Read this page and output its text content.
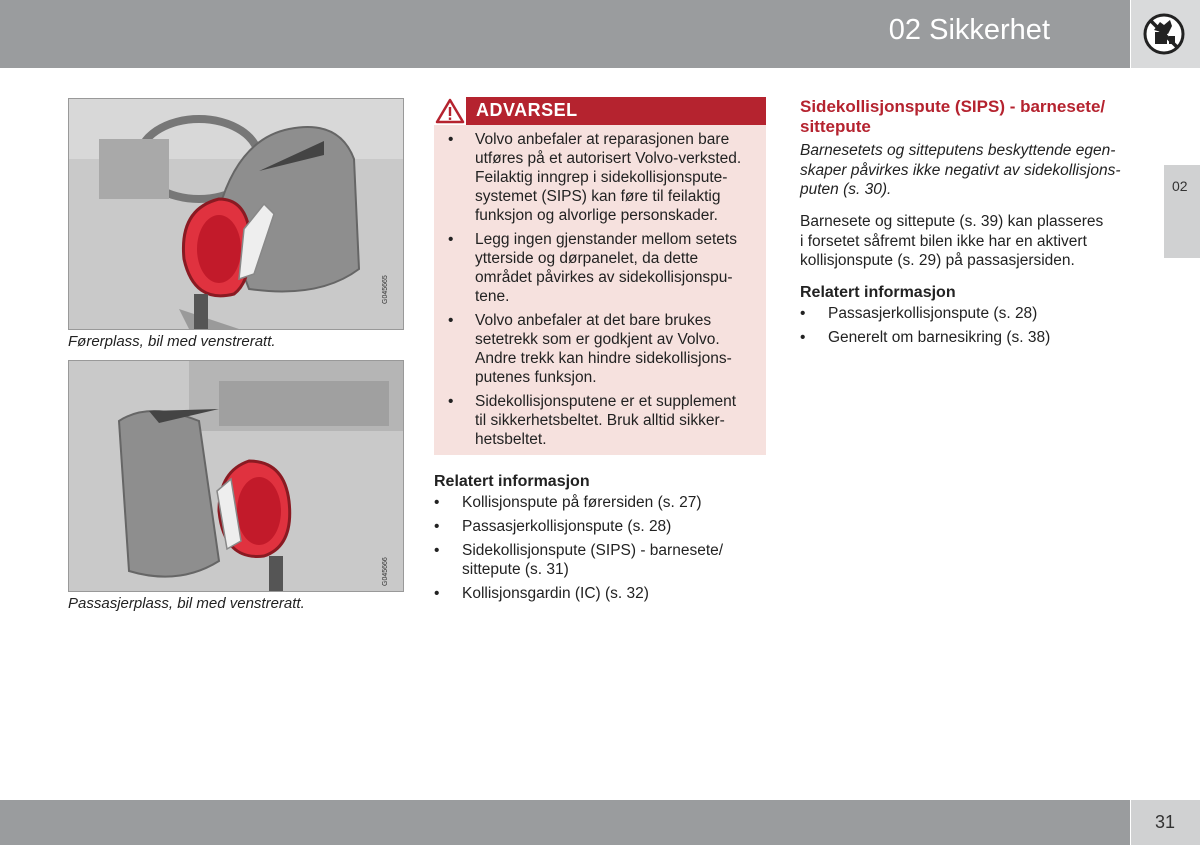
02 Sikkerhet
02
G045665
Førerplass, bil med venstreratt.
G045666
Passasjerplass, bil med venstreratt.
ADVARSEL
• Volvo anbefaler at reparasjonen bare
utføres på et autorisert Volvo-verksted.
Feilaktig inngrep i sidekollisjonspute-
systemet (SIPS) kan føre til feilaktig
funksjon og alvorlige personskader.
• Legg ingen gjenstander mellom setets
ytterside og dørpanelet, da dette
området påvirkes av sidekollisjonspu-
tene.
• Volvo anbefaler at det bare brukes
setetrekk som er godkjent av Volvo.
Andre trekk kan hindre sidekollisjons-
putenes funksjon.
• Sidekollisjonsputene er et supplement
til sikkerhetsbeltet. Bruk alltid sikker-
hetsbeltet.
Relatert informasjon
• Kollisjonspute på førersiden (s. 27)
• Passasjerkollisjonspute (s. 28)
• Sidekollisjonspute (SIPS) - barnesete/
sittepute (s. 31)
• Kollisjonsgardin (IC) (s. 32)
Sidekollisjonspute (SIPS) - barnesete/
sittepute
Barnesetets og sitteputens beskyttende egen-
skaper påvirkes ikke negativt av sidekollisjons-
puten (s. 30).
Barnesete og sittepute (s. 39) kan plasseres
i forsetet såfremt bilen ikke har en aktivert
kollisjonspute (s. 29) på passasjersiden.
Relatert informasjon
• Passasjerkollisjonspute (s. 28)
• Generelt om barnesikring (s. 38)
31
